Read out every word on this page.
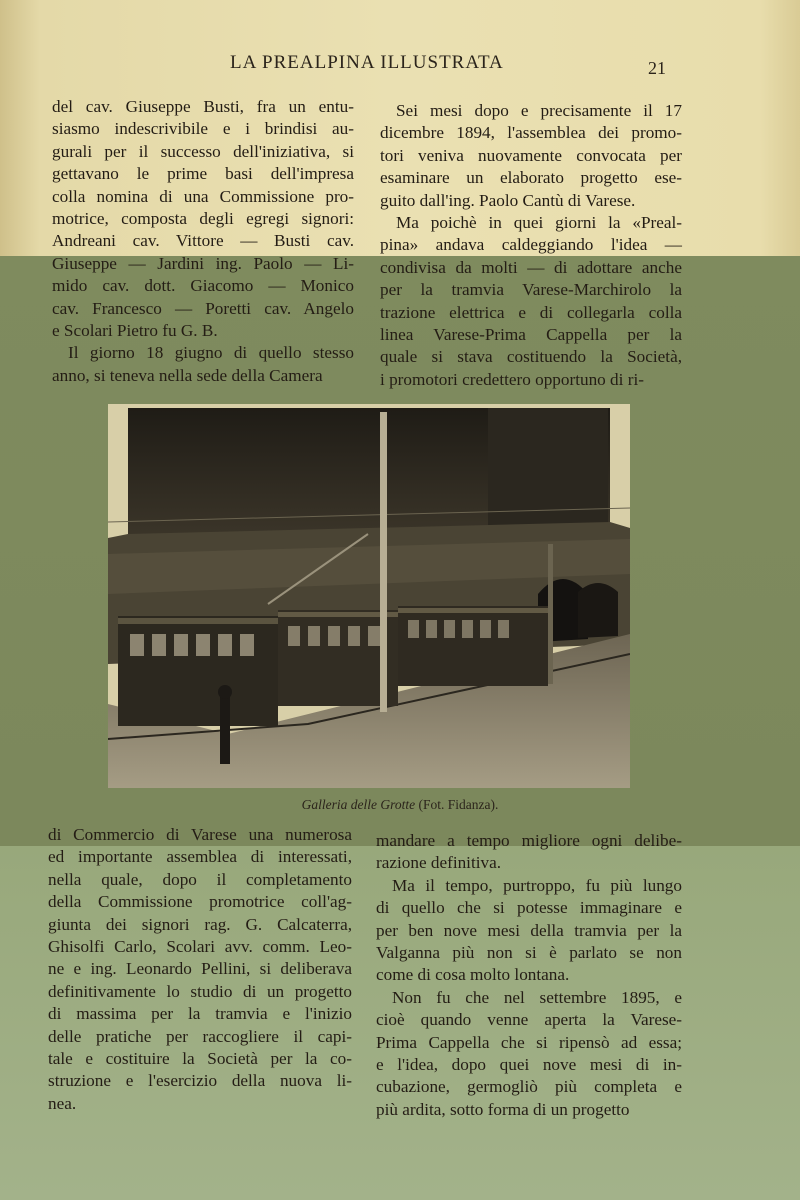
LA PREALPINA ILLUSTRATA	21
del cav. Giuseppe Busti, fra un entu-
siasmo indescrivibile e i brindisi au-
gurali per il successo dell'iniziativa, si
gettavano le prime basi dell'impresa
colla nomina di una Commissione pro-
motrice, composta degli egregi signori:
Andreani cav. Vittore — Busti cav.
Giuseppe — Jardini ing. Paolo — Li-
mido cav. dott. Giacomo — Monico
cav. Francesco — Poretti cav. Angelo
e Scolari Pietro fu G. B.
Il giorno 18 giugno di quello stesso
anno, si teneva nella sede della Camera
Sei mesi dopo e precisamente il 17
dicembre 1894, l'assemblea dei promo-
tori veniva nuovamente convocata per
esaminare un elaborato progetto ese-
guito dall'ing. Paolo Cantù di Varese.
Ma poichè in quei giorni la «Preal-
pina» andava caldeggiando l'idea —
condivisa da molti — di adottare anche
per la tramvia Varese-Marchirolo la
trazione elettrica e di collegarla colla
linea Varese-Prima Cappella per la
quale si stava costituendo la Società,
i promotori credettero opportuno di ri-
Galleria delle Grotte (Fot. Fidanza).
di Commercio di Varese una numerosa
ed importante assemblea di interessati,
nella quale, dopo il completamento
della Commissione promotrice coll'ag-
giunta dei signori rag. G. Calcaterra,
Ghisolfi Carlo, Scolari avv. comm. Leo-
ne e ing. Leonardo Pellini, si deliberava
definitivamente lo studio di un progetto
di massima per la tramvia e l'inizio
delle pratiche per raccogliere il capi-
tale e costituire la Società per la co-
struzione e l'esercizio della nuova li-
nea.
mandare a tempo migliore ogni delibe-
razione definitiva.
Ma il tempo, purtroppo, fu più lungo
di quello che si potesse immaginare e
per ben nove mesi della tramvia per la
Valganna più non si è parlato se non
come di cosa molto lontana.
Non fu che nel settembre 1895, e
cioè quando venne aperta la Varese-
Prima Cappella che si ripensò ad essa;
e l'idea, dopo quei nove mesi di in-
cubazione, germogliò più completa e
più ardita, sotto forma di un progetto
